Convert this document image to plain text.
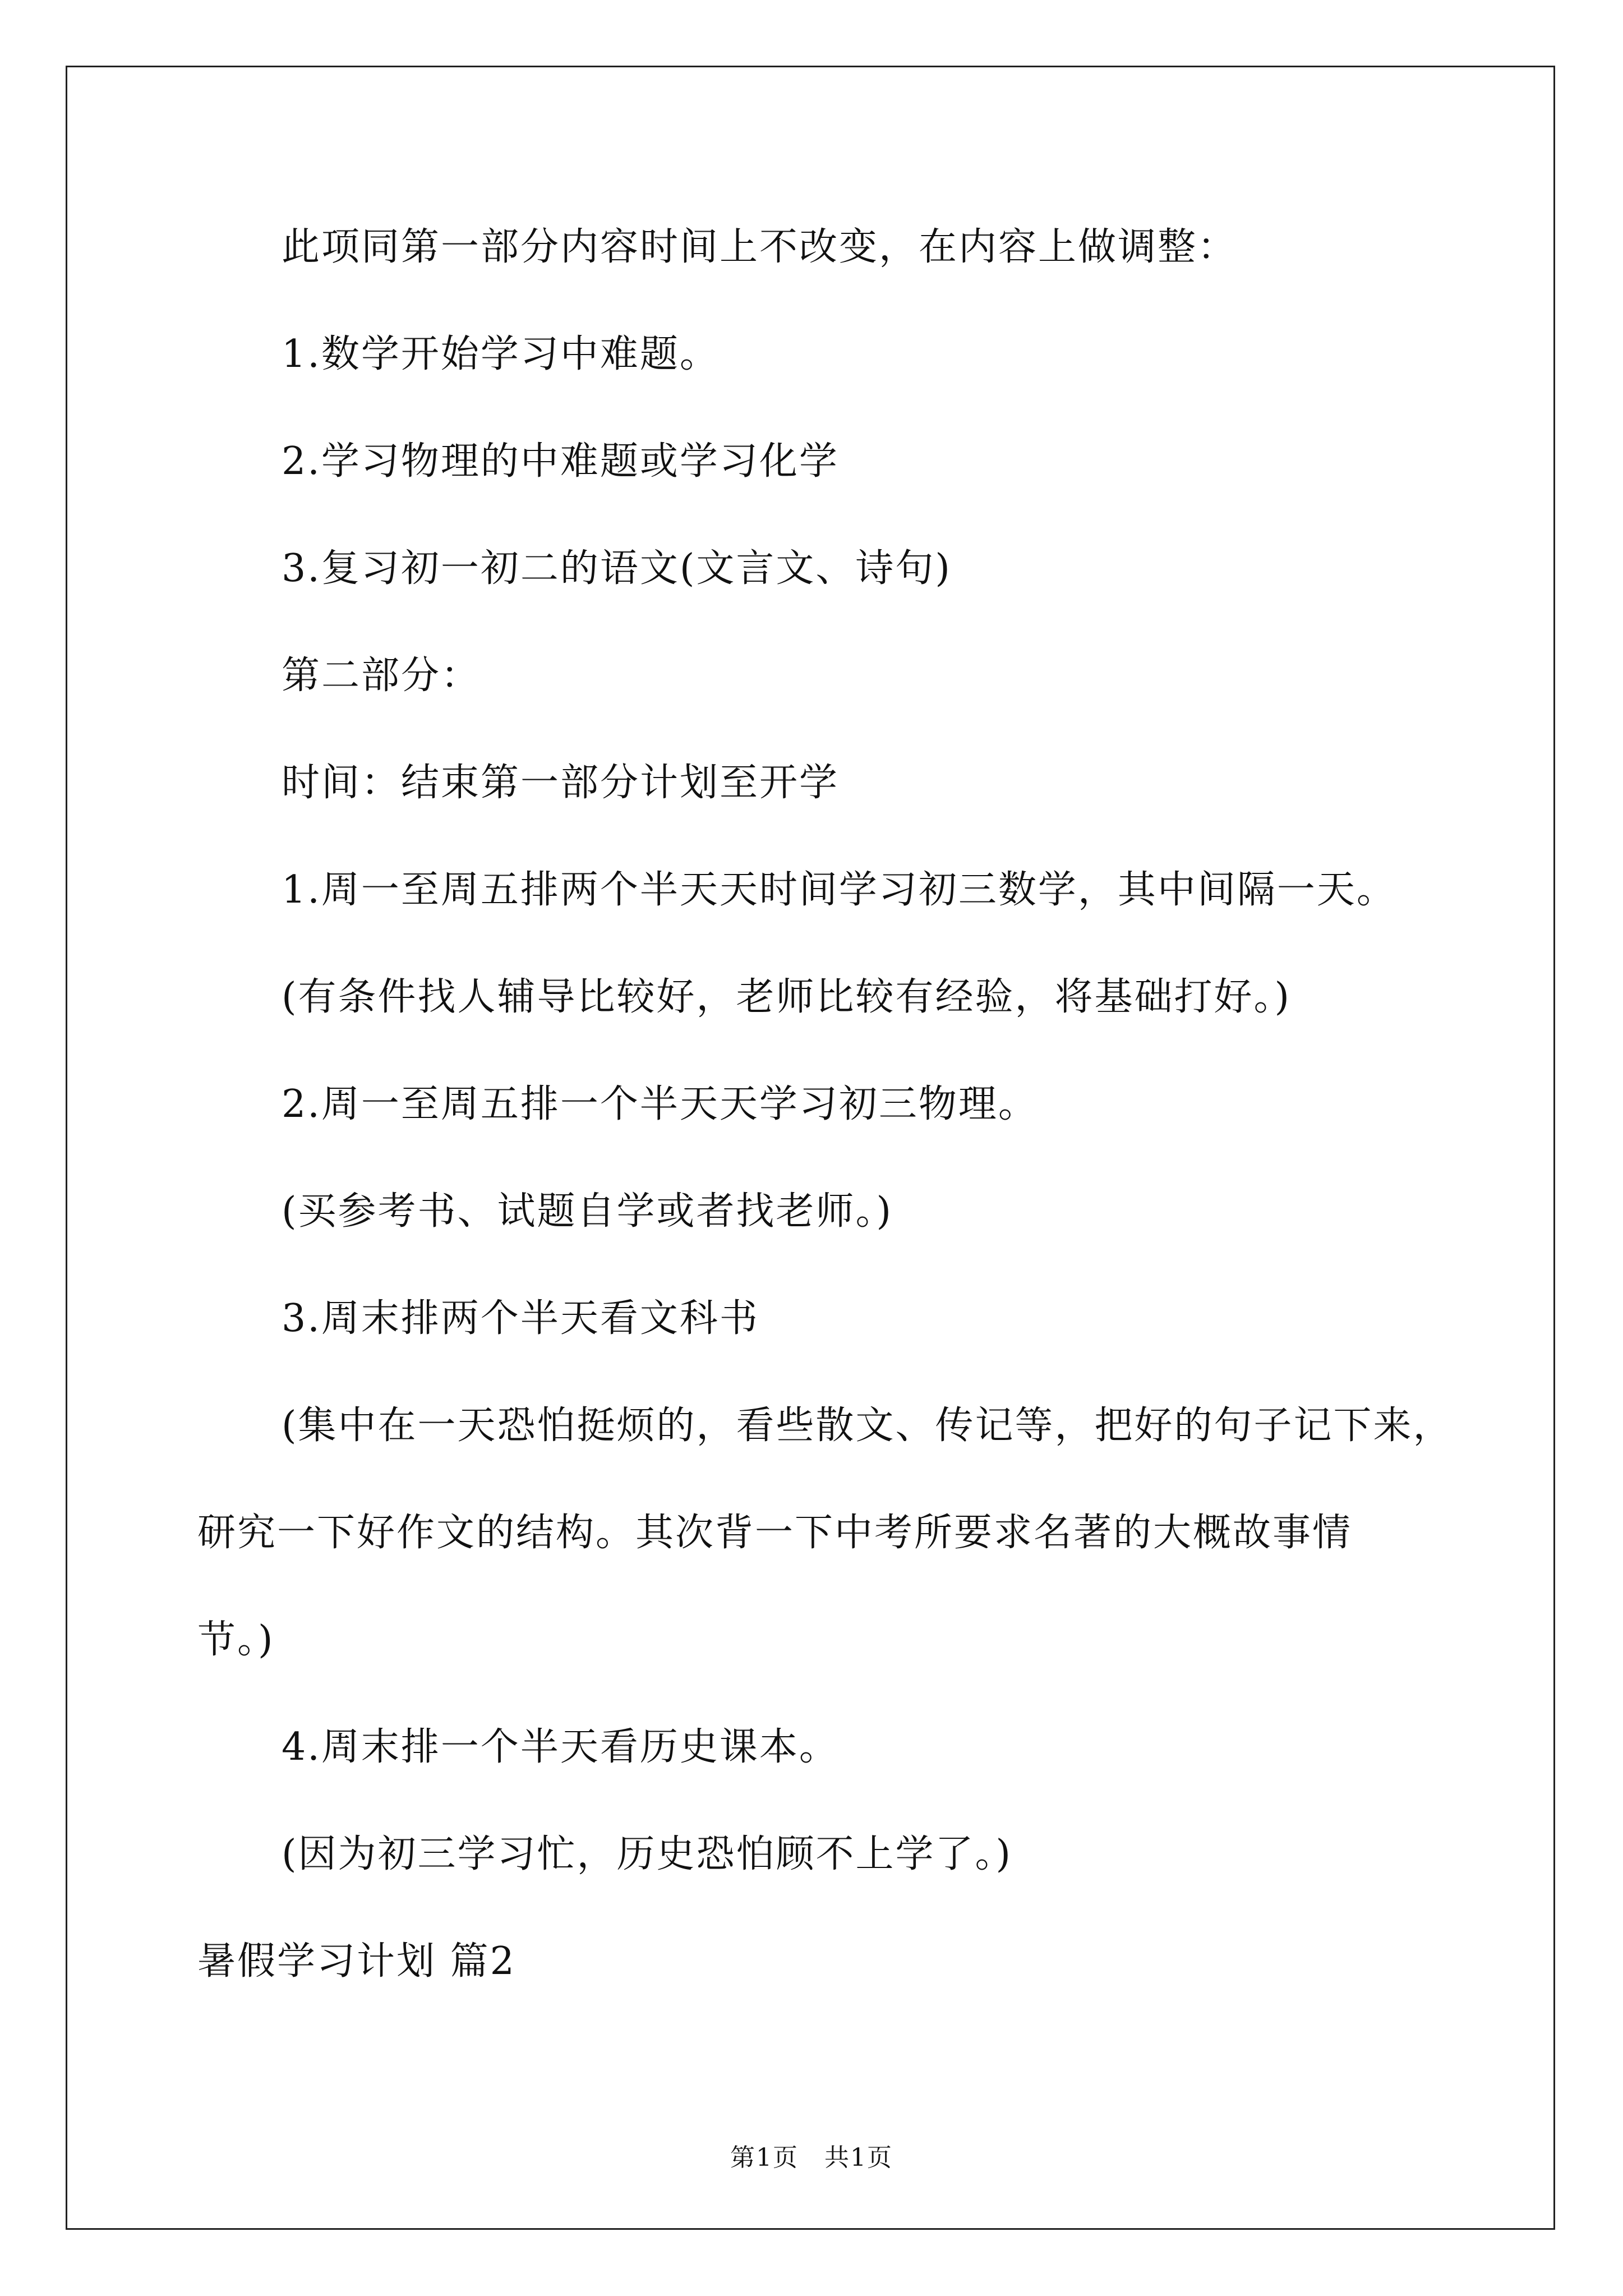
此项同第一部分内容时间上不改变，在内容上做调整：
1.数学开始学习中难题。
2.学习物理的中难题或学习化学
3.复习初一初二的语文(文言文、诗句)
第二部分：
时间：结束第一部分计划至开学
1.周一至周五排两个半天天时间学习初三数学，其中间隔一天。
(有条件找人辅导比较好，老师比较有经验，将基础打好。)
2.周一至周五排一个半天天学习初三物理。
(买参考书、试题自学或者找老师。)
3.周末排两个半天看文科书
(集中在一天恐怕挺烦的，看些散文、传记等，把好的句子记下来，
研究一下好作文的结构。其次背一下中考所要求名著的大概故事情
节。)
4.周末排一个半天看历史课本。
(因为初三学习忙，历史恐怕顾不上学了。)
暑假学习计划 篇2
第1页　共1页
